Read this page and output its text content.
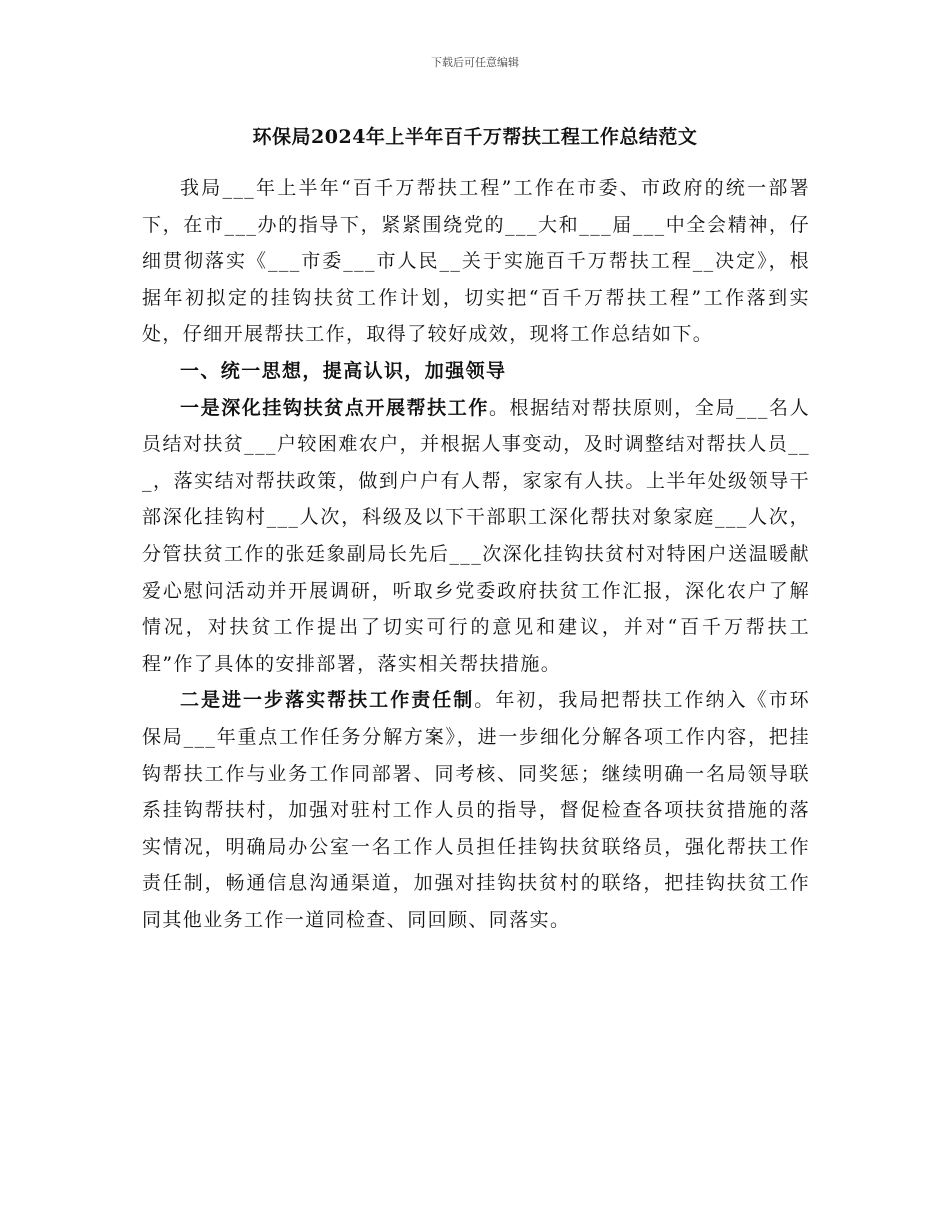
下载后可任意编辑
环保局2024年上半年百千万帮扶工程工作总结范文

我局___年上半年“百千万帮扶工程”工作在市委、市政府的统一部署下，在市___办的指导下，紧紧围绕党的___大和___届___中全会精神，仔细贯彻落实《___市委___市人民__关于实施百千万帮扶工程__决定》，根据年初拟定的挂钩扶贫工作计划，切实把“百千万帮扶工程”工作落到实处，仔细开展帮扶工作，取得了较好成效，现将工作总结如下。

一、统一思想，提高认识，加强领导

一是深化挂钩扶贫点开展帮扶工作。根据结对帮扶原则，全局___名人员结对扶贫___户较困难农户，并根据人事变动，及时调整结对帮扶人员___，落实结对帮扶政策，做到户户有人帮，家家有人扶。上半年处级领导干部深化挂钩村___人次，科级及以下干部职工深化帮扶对象家庭___人次，分管扶贫工作的张廷象副局长先后___次深化挂钩扶贫村对特困户送温暖献爱心慰问活动并开展调研，听取乡党委政府扶贫工作汇报，深化农户了解情况，对扶贫工作提出了切实可行的意见和建议，并对“百千万帮扶工程”作了具体的安排部署，落实相关帮扶措施。

二是进一步落实帮扶工作责任制。年初，我局把帮扶工作纳入《市环保局___年重点工作任务分解方案》，进一步细化分解各项工作内容，把挂钩帮扶工作与业务工作同部署、同考核、同奖惩；继续明确一名局领导联系挂钩帮扶村，加强对驻村工作人员的指导，督促检查各项扶贫措施的落实情况，明确局办公室一名工作人员担任挂钩扶贫联络员，强化帮扶工作责任制，畅通信息沟通渠道，加强对挂钩扶贫村的联络，把挂钩扶贫工作同其他业务工作一道同检查、同回顾、同落实。
